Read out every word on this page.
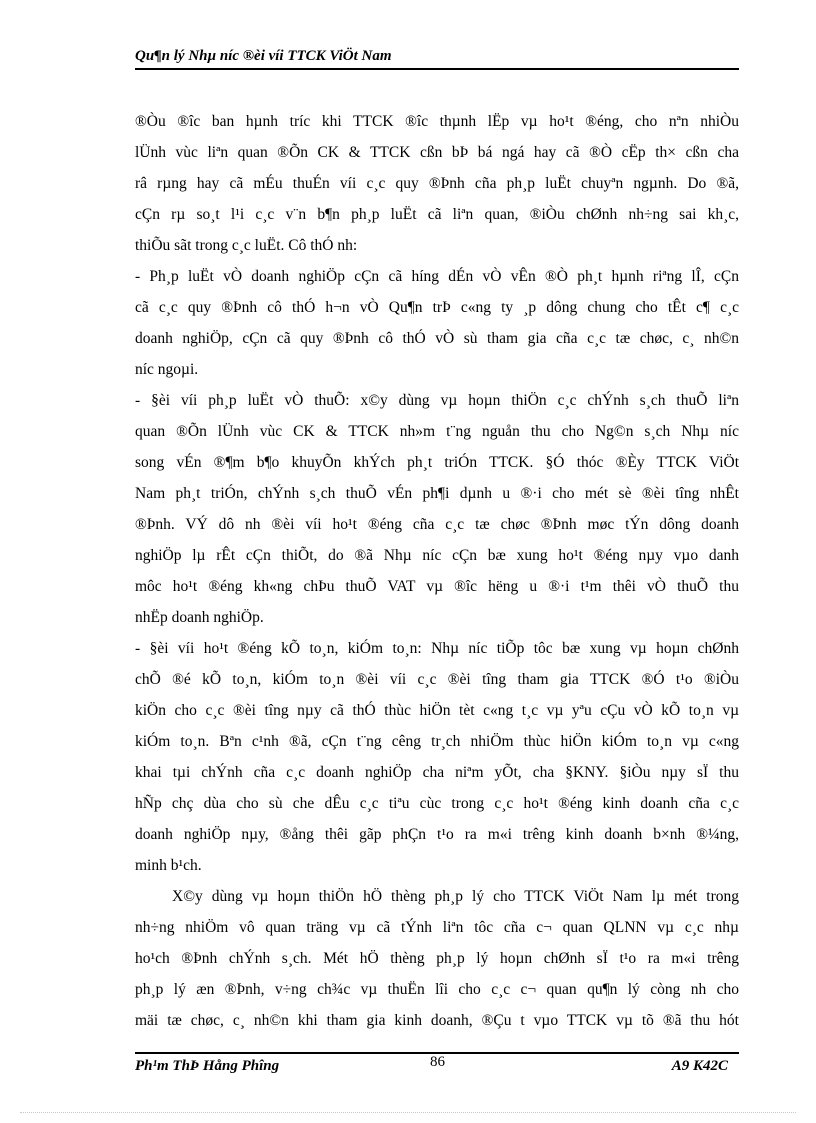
Qu¶n lý Nhµ níc ®èi víi TTCK ViÖt Nam
®Òu ®îc ban hµnh tríc khi TTCK ®îc thµnh lËp vµ ho¹t ®éng, cho nªn nhiÒu
lÜnh vùc liªn quan ®Õn CK & TTCK cßn bÞ bá ngá hay cã ®Ò cËp th× cßn cha
râ rµng hay cã mÉu thuÉn víi c¸c quy ®Þnh cña ph¸p luËt chuyªn ngµnh. Do ®ã,
cÇn rµ so¸t l¹i c¸c v¨n b¶n ph¸p luËt cã liªn quan, ®iÒu chØnh nh÷ng sai kh¸c,
thiÕu sãt trong c¸c luËt. Cô thÓ nh:
- Ph¸p luËt vÒ doanh nghiÖp cÇn cã híng dÉn vÒ vÊn ®Ò ph¸t hµnh riªng lÎ, cÇn
cã c¸c quy ®Þnh cô thÓ h¬n vÒ Qu¶n trÞ c«ng ty ¸p dông chung cho tÊt c¶ c¸c
doanh nghiÖp, cÇn cã quy ®Þnh cô thÓ vÒ sù tham gia cña c¸c tæ chøc, c¸ nh©n
níc ngoµi.
- §èi víi ph¸p luËt vÒ thuÕ: x©y dùng vµ hoµn thiÖn c¸c chÝnh s¸ch thuÕ liªn
quan ®Õn lÜnh vùc CK & TTCK nh»m t¨ng nguån thu cho Ng©n s¸ch Nhµ níc
song vÉn ®¶m b¶o khuyÕn khÝch ph¸t triÓn TTCK. §Ó thóc ®Èy TTCK ViÖt
Nam ph¸t triÓn, chÝnh s¸ch thuÕ vÉn ph¶i dµnh u ®·i cho mét sè ®èi tîng nhÊt
®Þnh. VÝ dô nh ®èi víi ho¹t ®éng cña c¸c tæ chøc ®Þnh møc tÝn dông doanh
nghiÖp lµ rÊt cÇn thiÕt, do ®ã Nhµ níc cÇn bæ xung ho¹t ®éng nµy vµo danh
môc ho¹t ®éng kh«ng chÞu thuÕ VAT vµ ®îc hëng u ®·i t¹m thêi vÒ thuÕ thu
nhËp doanh nghiÖp.
- §èi víi ho¹t ®éng kÕ to¸n, kiÓm to¸n: Nhµ níc tiÕp tôc bæ xung vµ hoµn chØnh
chÕ ®é kÕ to¸n, kiÓm to¸n ®èi víi c¸c ®èi tîng tham gia TTCK ®Ó t¹o ®iÒu
kiÖn cho c¸c ®èi tîng nµy cã thÓ thùc hiÖn tèt c«ng t¸c vµ yªu cÇu vÒ kÕ to¸n vµ
kiÓm to¸n. Bªn c¹nh ®ã, cÇn t¨ng cêng tr¸ch nhiÖm thùc hiÖn kiÓm to¸n vµ c«ng
khai tµi chÝnh cña c¸c doanh nghiÖp cha niªm yÕt, cha §KNY. §iÒu nµy sÏ thu
hÑp chç dùa cho sù che dÊu c¸c tiªu cùc trong c¸c ho¹t ®éng kinh doanh cña c¸c
doanh nghiÖp nµy, ®ång thêi gãp phÇn t¹o ra m«i trêng kinh doanh b×nh ®¼ng,
minh b¹ch.
X©y dùng vµ hoµn thiÖn hÖ thèng ph¸p lý cho TTCK ViÖt Nam lµ mét trong
nh÷ng nhiÖm vô quan träng vµ cã tÝnh liªn tôc cña c¬ quan QLNN vµ c¸c nhµ
ho¹ch ®Þnh chÝnh s¸ch. Mét hÖ thèng ph¸p lý hoµn chØnh sÏ t¹o ra m«i trêng
ph¸p lý æn ®Þnh, v÷ng ch¾c vµ thuËn lîi cho c¸c c¬ quan qu¶n lý còng nh cho
mäi tæ chøc, c¸ nh©n khi tham gia kinh doanh, ®Çu t vµo TTCK vµ tõ ®ã thu hót
Ph¹m ThÞ Hång Phîng	86	A9 K42C
